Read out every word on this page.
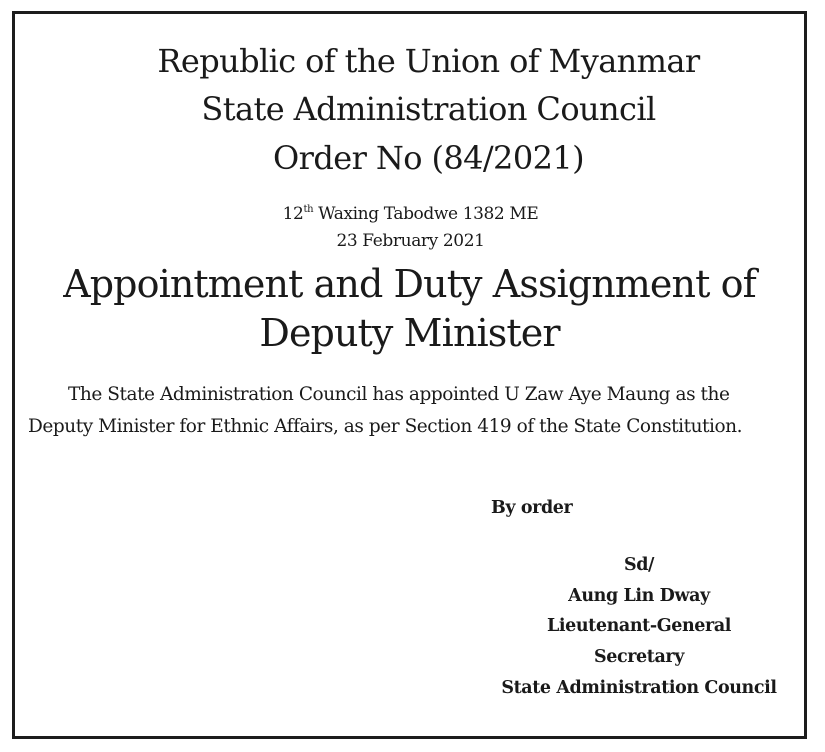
Republic of the Union of Myanmar
State Administration Council
Order No (84/2021)
12th Waxing Tabodwe 1382 ME
23 February 2021
Appointment and Duty Assignment of
Deputy Minister
The State Administration Council has appointed U Zaw Aye Maung as the
Deputy Minister for Ethnic Affairs, as per Section 419 of the State Constitution.
By order
Sd/
Aung Lin Dway
Lieutenant-General
Secretary
State Administration Council
